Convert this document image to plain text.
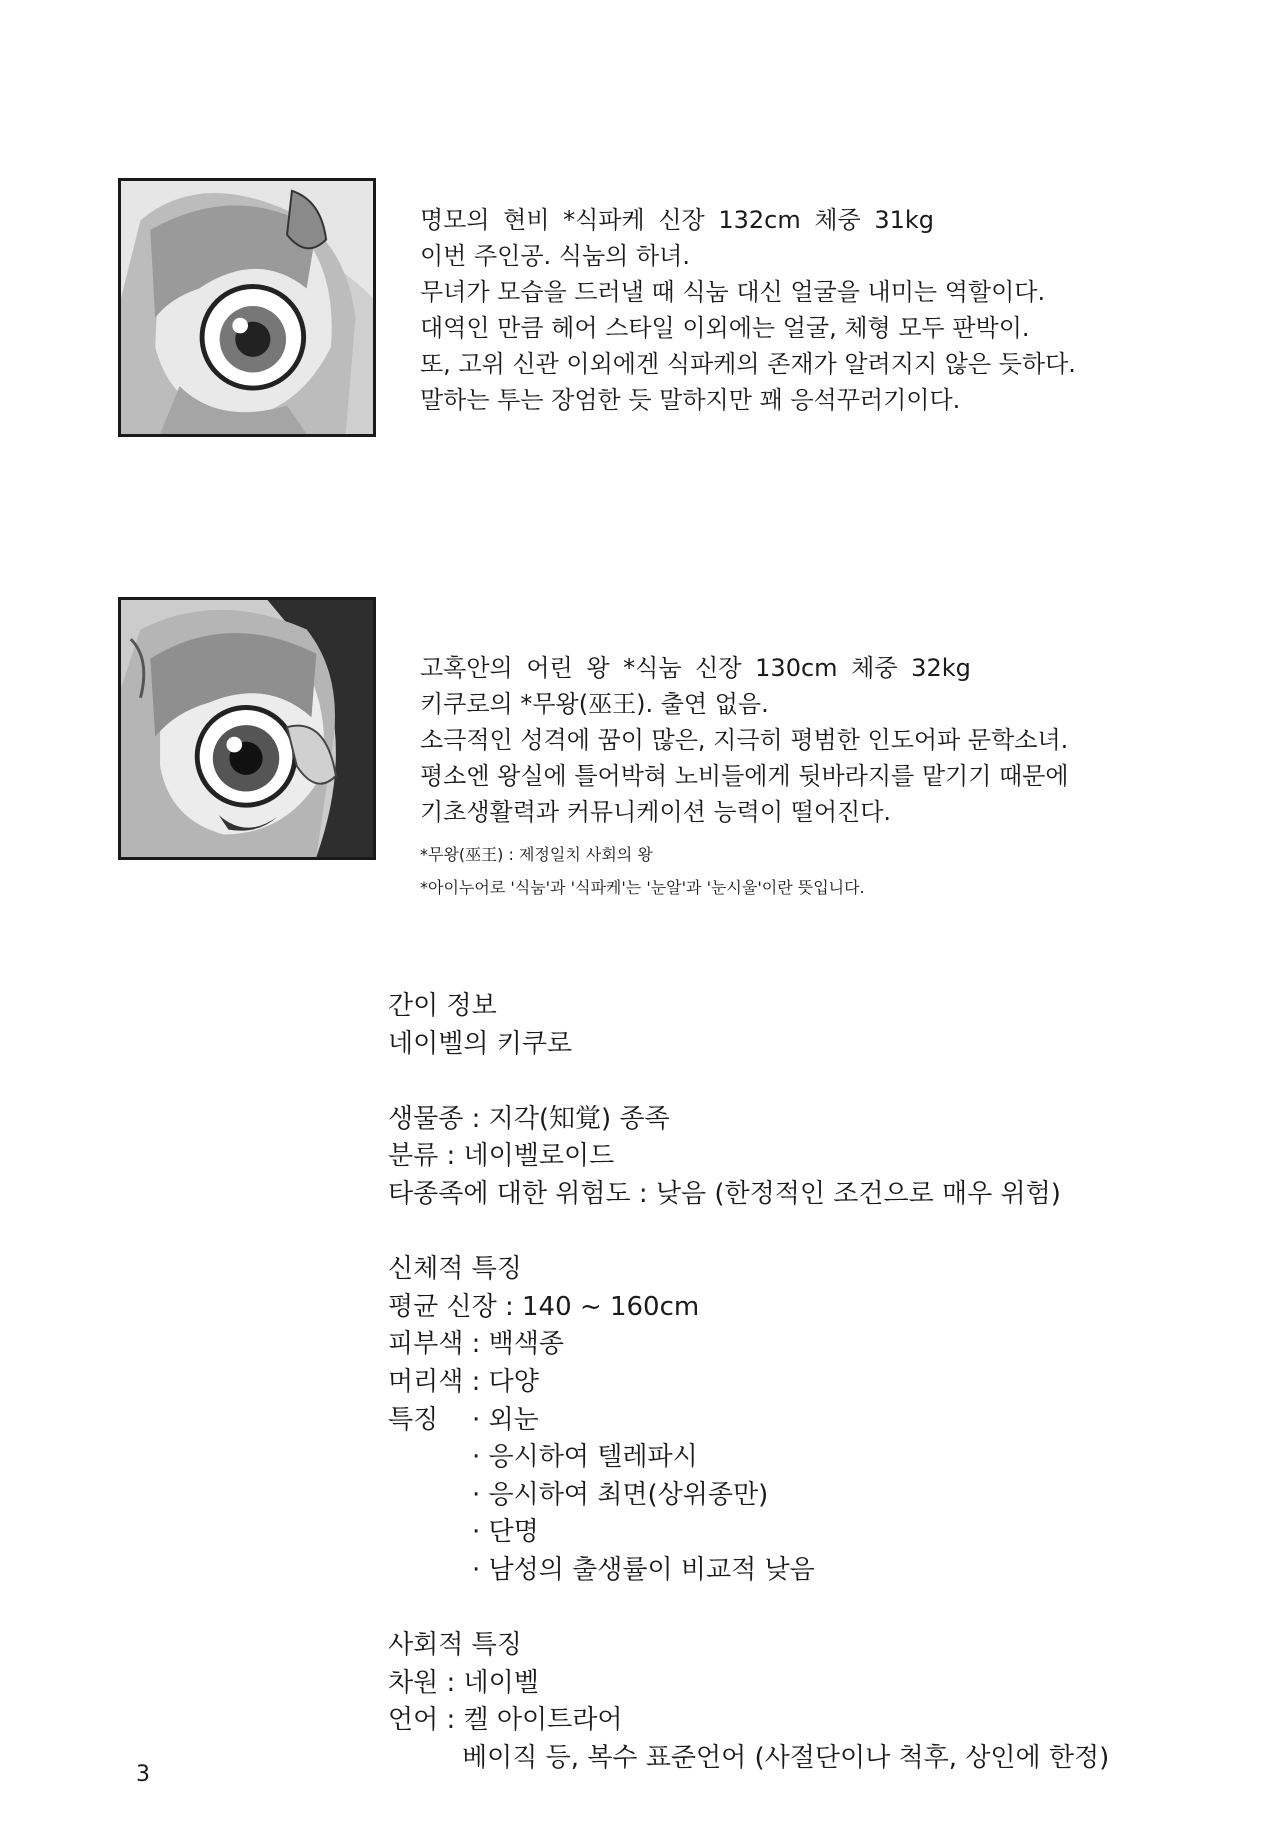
명모의 현비 *식파케 신장 132cm 체중 31kg
이번 주인공. 식눔의 하녀.
무녀가 모습을 드러낼 때 식눔 대신 얼굴을 내미는 역할이다.
대역인 만큼 헤어 스타일 이외에는 얼굴, 체형 모두 판박이.
또, 고위 신관 이외에겐 식파케의 존재가 알려지지 않은 듯하다.
말하는 투는 장엄한 듯 말하지만 꽤 응석꾸러기이다.
고혹안의 어린 왕 *식눔 신장 130cm 체중 32kg
키쿠로의 *무왕(巫王). 출연 없음.
소극적인 성격에 꿈이 많은, 지극히 평범한 인도어파 문학소녀.
평소엔 왕실에 틀어박혀 노비들에게 뒷바라지를 맡기기 때문에
기초생활력과 커뮤니케이션 능력이 떨어진다.
*무왕(巫王) : 제정일치 사회의 왕
*아이누어로 '식눔'과 '식파케'는 '눈알'과 '눈시울'이란 뜻입니다.
간이 정보
네이벨의 키쿠로
생물종 : 지각(知覚) 종족
분류 : 네이벨로이드
타종족에 대한 위험도 : 낮음 (한정적인 조건으로 매우 위험)
신체적 특징
평균 신장 : 140 ~ 160cm
피부색 : 백색종
머리색 : 다양
특징 · 외눈
· 응시하여 텔레파시
· 응시하여 최면(상위종만)
· 단명
· 남성의 출생률이 비교적 낮음
사회적 특징
차원 : 네이벨
언어 : 켈 아이트라어
베이직 등, 복수 표준언어 (사절단이나 척후, 상인에 한정)
3
